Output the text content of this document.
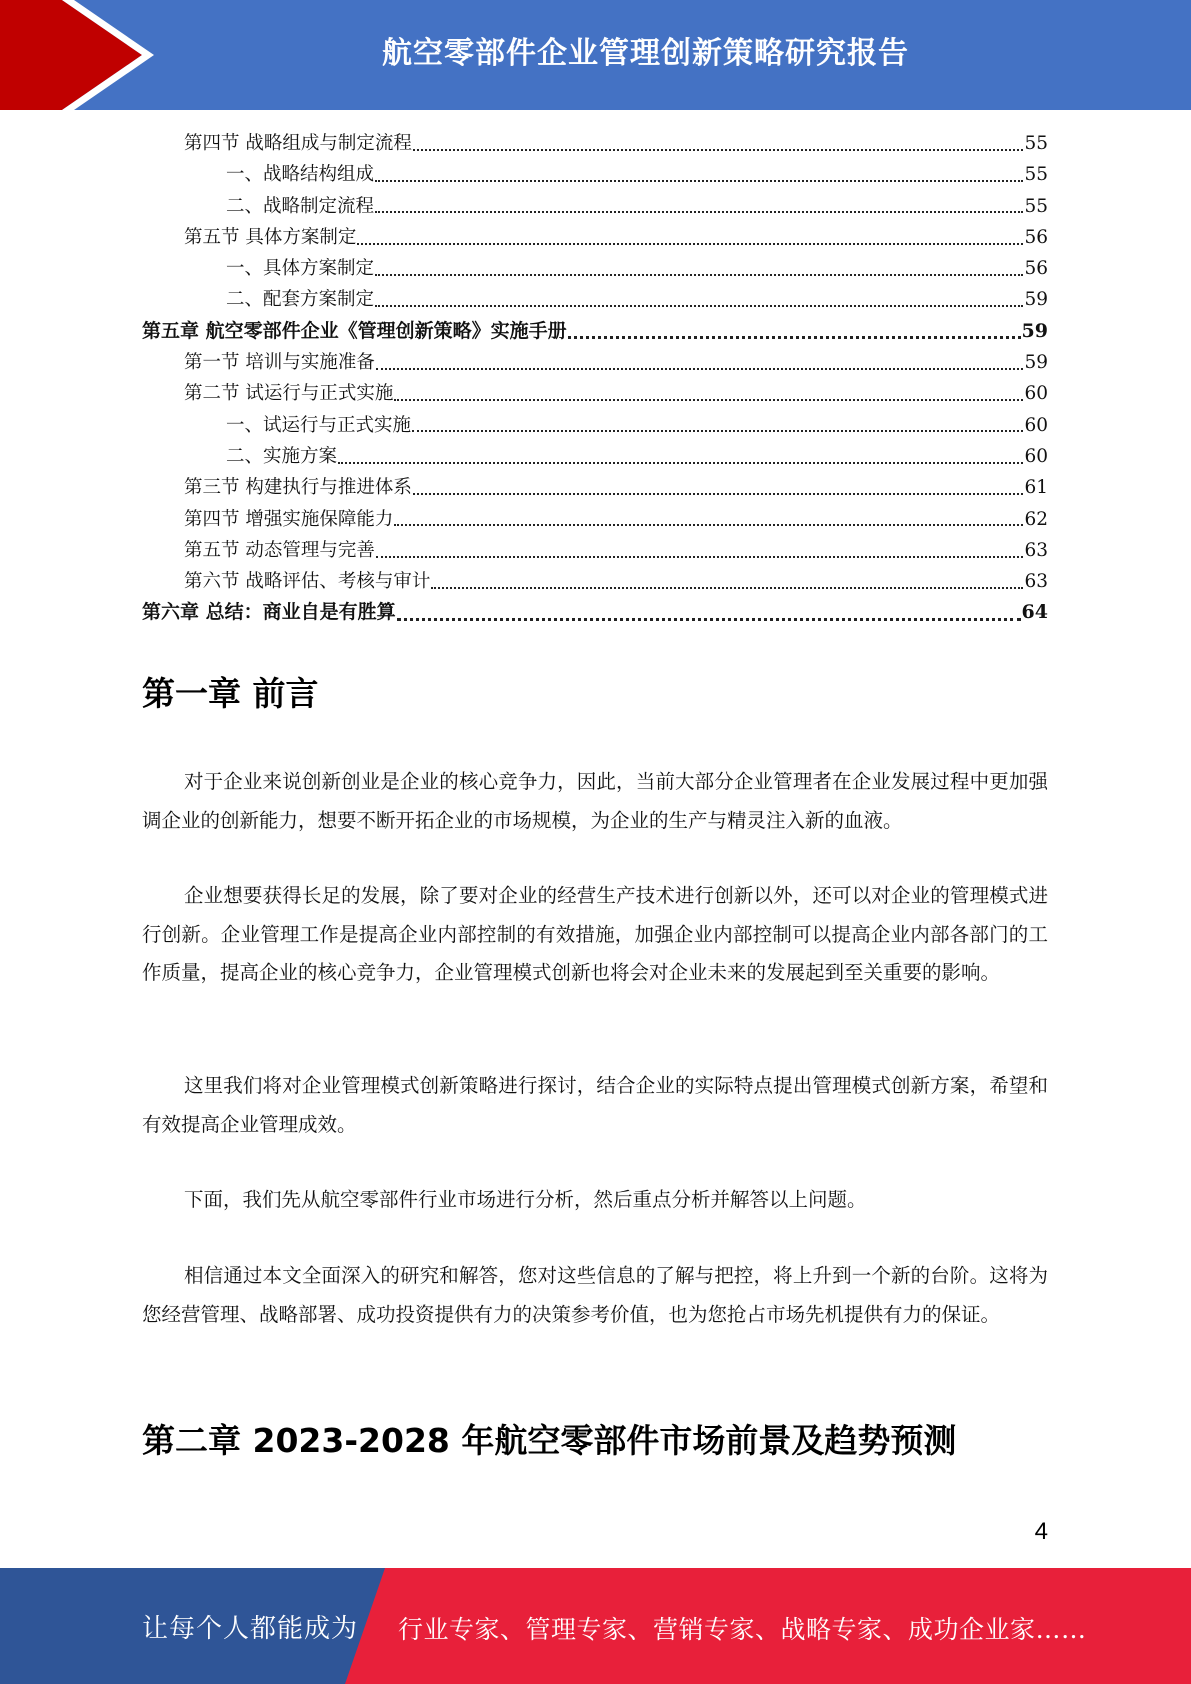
航空零部件企业管理创新策略研究报告
第四节 战略组成与制定流程	55
一、战略结构组成	55
二、战略制定流程	55
第五节 具体方案制定	56
一、具体方案制定	56
二、配套方案制定	59
第五章 航空零部件企业《管理创新策略》实施手册	59
第一节 培训与实施准备	59
第二节 试运行与正式实施	60
一、试运行与正式实施	60
二、实施方案	60
第三节 构建执行与推进体系	61
第四节 增强实施保障能力	62
第五节 动态管理与完善	63
第六节 战略评估、考核与审计	63
第六章 总结：商业自是有胜算	64
第一章 前言

对于企业来说创新创业是企业的核心竞争力，因此，当前大部分企业管理者在企业发展过程中更加强调企业的创新能力，想要不断开拓企业的市场规模，为企业的生产与精灵注入新的血液。

企业想要获得长足的发展，除了要对企业的经营生产技术进行创新以外，还可以对企业的管理模式进行创新。企业管理工作是提高企业内部控制的有效措施，加强企业内部控制可以提高企业内部各部门的工作质量，提高企业的核心竞争力，企业管理模式创新也将会对企业未来的发展起到至关重要的影响。

这里我们将对企业管理模式创新策略进行探讨，结合企业的实际特点提出管理模式创新方案，希望和有效提高企业管理成效。

下面，我们先从航空零部件行业市场进行分析，然后重点分析并解答以上问题。

相信通过本文全面深入的研究和解答，您对这些信息的了解与把控，将上升到一个新的台阶。这将为您经营管理、战略部署、成功投资提供有力的决策参考价值，也为您抢占市场先机提供有力的保证。

第二章 2023-2028 年航空零部件市场前景及趋势预测
4
让每个人都能成为 行业专家、管理专家、营销专家、战略专家、成功企业家……
